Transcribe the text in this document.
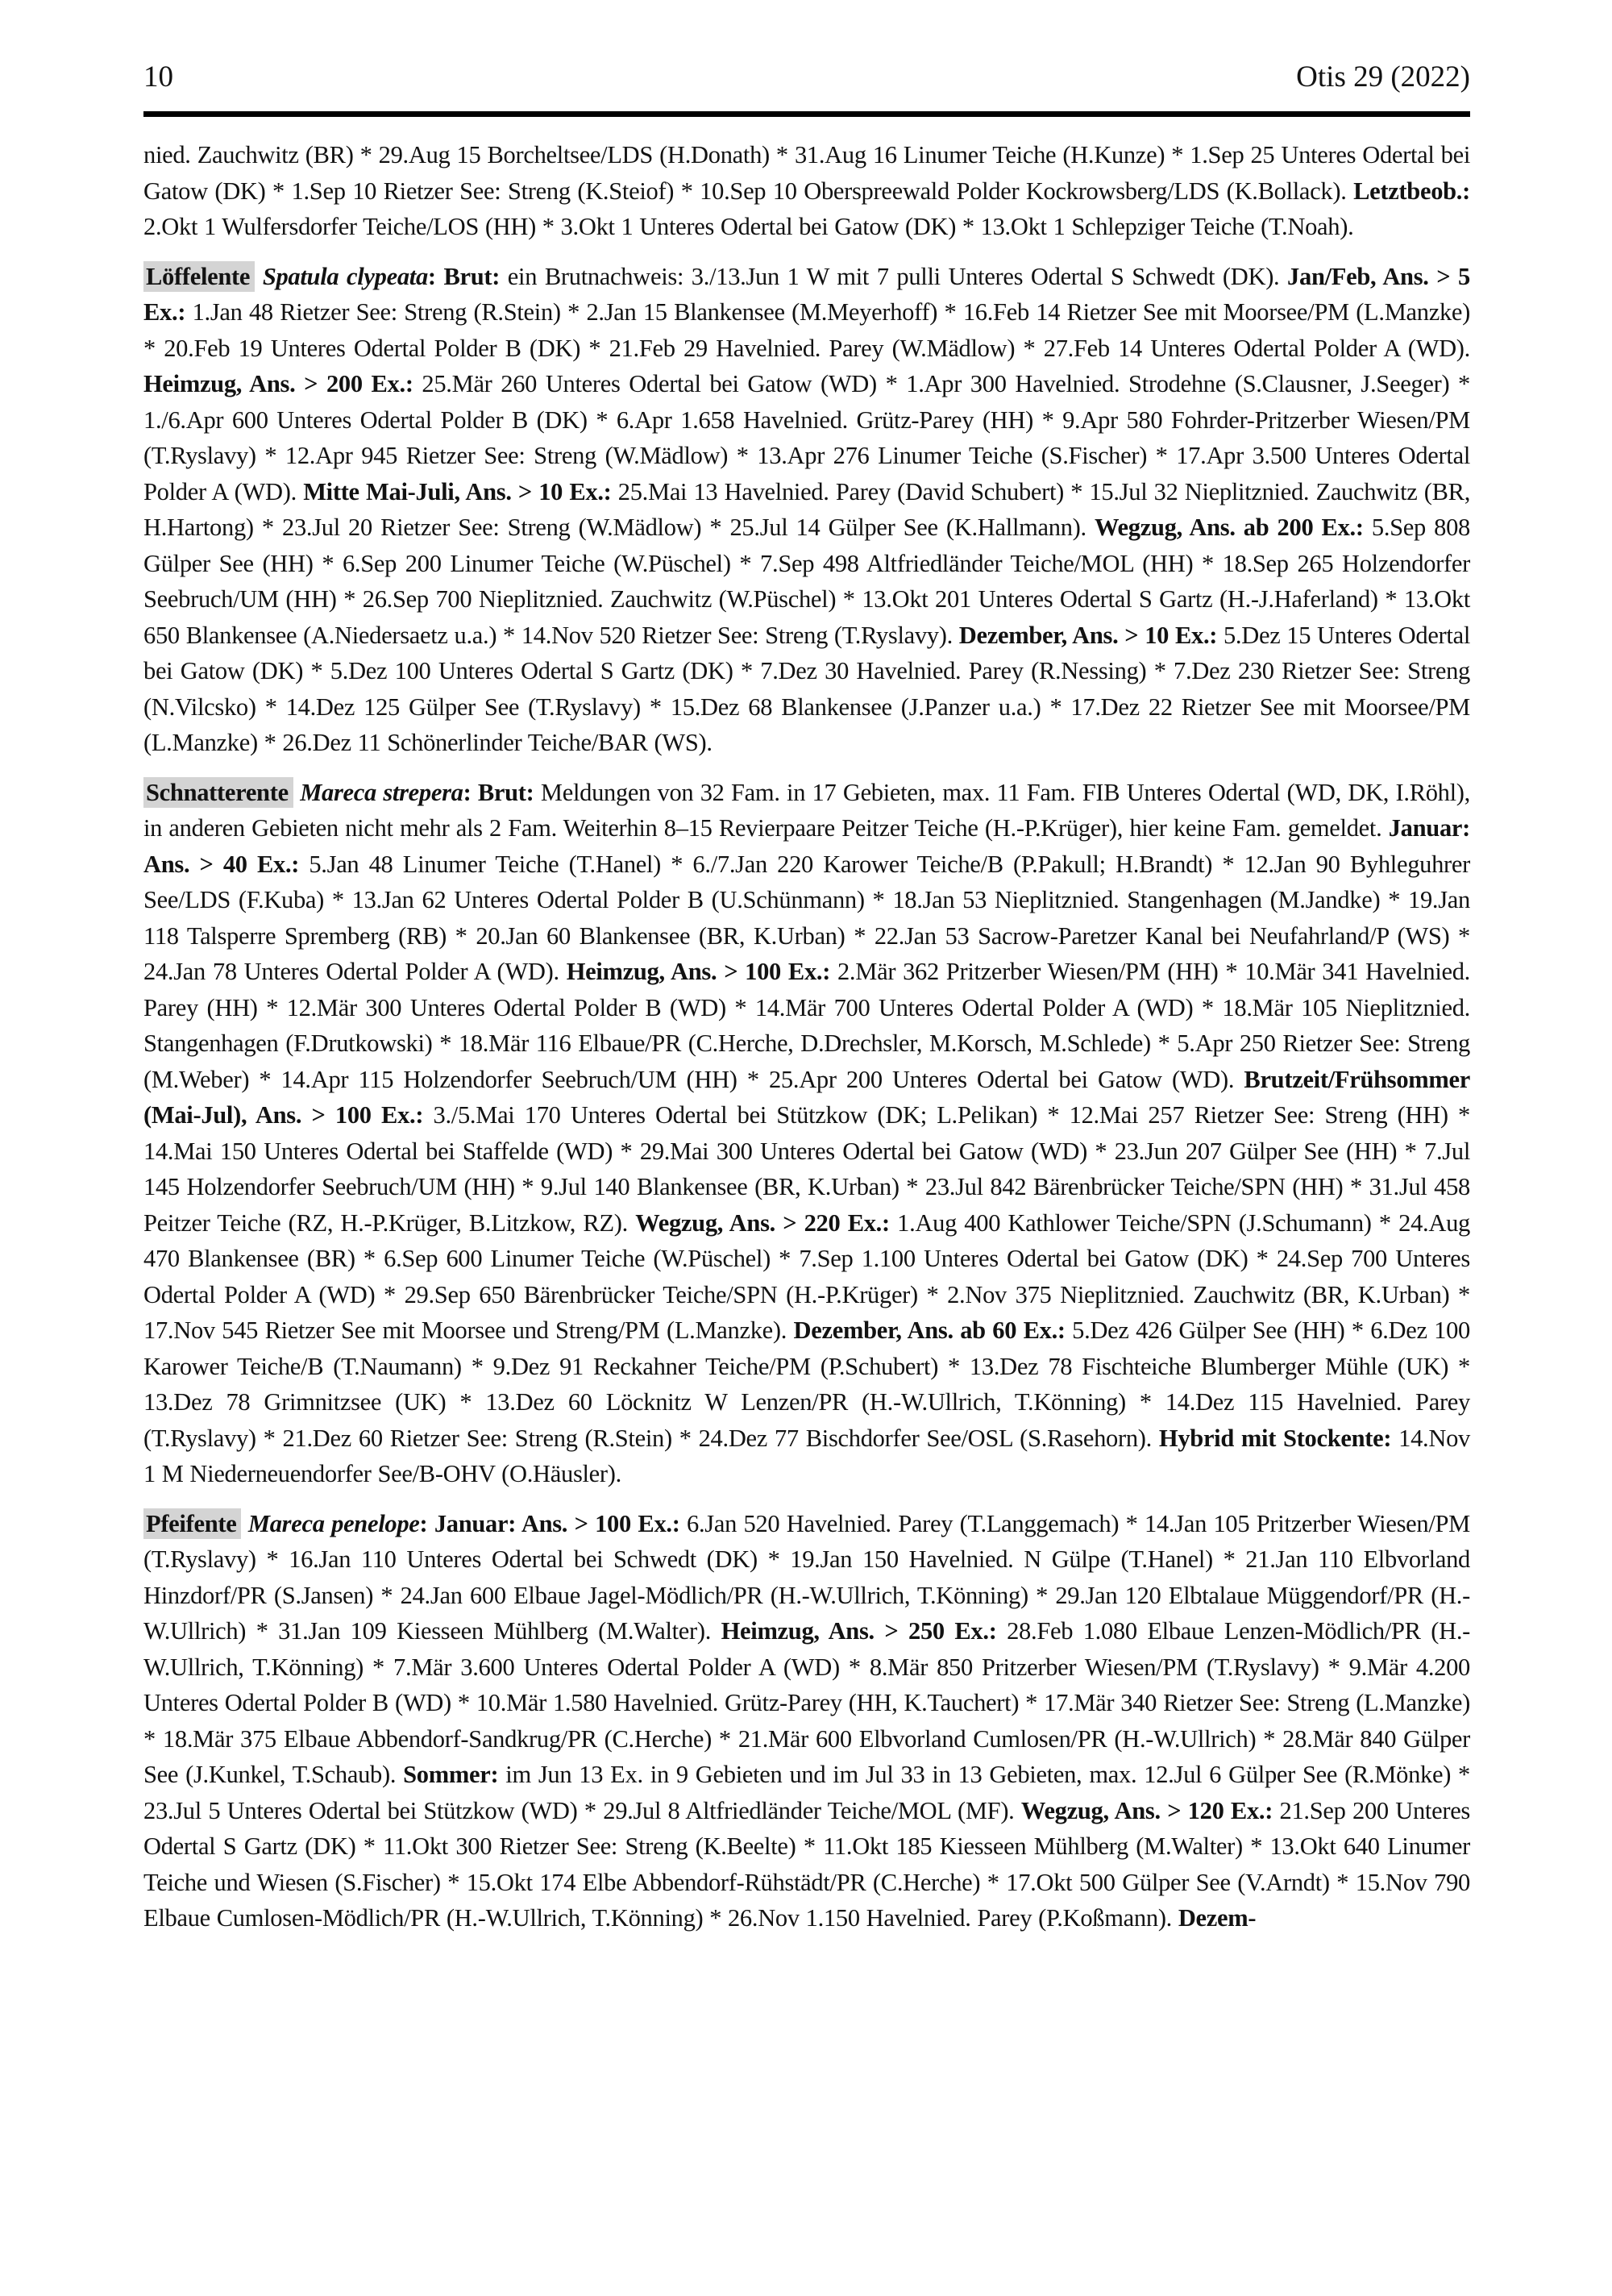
10	Otis 29 (2022)

nied. Zauchwitz (BR) * 29.Aug 15 Borcheltsee/LDS (H.Donath) * 31.Aug 16 Linumer Teiche (H.Kunze) * 1.Sep 25 Unteres Odertal bei Gatow (DK) * 1.Sep 10 Rietzer See: Streng (K.Steiof) * 10.Sep 10 Oberspreewald Polder Kockrowsberg/LDS (K.Bollack). Letztbeob.: 2.Okt 1 Wulfersdorfer Teiche/LOS (HH) * 3.Okt 1 Unteres Odertal bei Gatow (DK) * 13.Okt 1 Schlepziger Teiche (T.Noah).

Löffelente Spatula clypeata: Brut: ein Brutnachweis: 3./13.Jun 1 W mit 7 pulli Unteres Odertal S Schwedt (DK). Jan/Feb, Ans. > 5 Ex.: 1.Jan 48 Rietzer See: Streng (R.Stein) * 2.Jan 15 Blankensee (M.Meyerhoff) * 16.Feb 14 Rietzer See mit Moorsee/PM (L.Manzke) * 20.Feb 19 Unteres Odertal Polder B (DK) * 21.Feb 29 Havelnied. Parey (W.Mädlow) * 27.Feb 14 Unteres Odertal Polder A (WD). Heimzug, Ans. > 200 Ex.: 25.Mär 260 Unteres Odertal bei Gatow (WD) * 1.Apr 300 Havelnied. Strodehne (S.Clausner, J.Seeger) * 1./6.Apr 600 Unteres Odertal Polder B (DK) * 6.Apr 1.658 Havelnied. Grütz-Parey (HH) * 9.Apr 580 Fohrder-Pritzerber Wiesen/PM (T.Ryslavy) * 12.Apr 945 Rietzer See: Streng (W.Mädlow) * 13.Apr 276 Linumer Teiche (S.Fischer) * 17.Apr 3.500 Unteres Odertal Polder A (WD). Mitte Mai-Juli, Ans. > 10 Ex.: 25.Mai 13 Havelnied. Parey (David Schubert) * 15.Jul 32 Nieplitznied. Zauchwitz (BR, H.Hartong) * 23.Jul 20 Rietzer See: Streng (W.Mädlow) * 25.Jul 14 Gülper See (K.Hallmann). Wegzug, Ans. ab 200 Ex.: 5.Sep 808 Gülper See (HH) * 6.Sep 200 Linumer Teiche (W.Püschel) * 7.Sep 498 Altfriedländer Teiche/MOL (HH) * 18.Sep 265 Holzendorfer Seebruch/UM (HH) * 26.Sep 700 Nieplitznied. Zauchwitz (W.Püschel) * 13.Okt 201 Unteres Odertal S Gartz (H.-J.Haferland) * 13.Okt 650 Blankensee (A.Niedersaetz u.a.) * 14.Nov 520 Rietzer See: Streng (T.Ryslavy). Dezember, Ans. > 10 Ex.: 5.Dez 15 Unteres Odertal bei Gatow (DK) * 5.Dez 100 Unteres Odertal S Gartz (DK) * 7.Dez 30 Havelnied. Parey (R.Nessing) * 7.Dez 230 Rietzer See: Streng (N.Vilcsko) * 14.Dez 125 Gülper See (T.Ryslavy) * 15.Dez 68 Blankensee (J.Panzer u.a.) * 17.Dez 22 Rietzer See mit Moorsee/PM (L.Manzke) * 26.Dez 11 Schönerlinder Teiche/BAR (WS).

Schnatterente Mareca strepera: Brut: Meldungen von 32 Fam. in 17 Gebieten, max. 11 Fam. FIB Unteres Odertal (WD, DK, I.Röhl), in anderen Gebieten nicht mehr als 2 Fam. Weiterhin 8–15 Revierpaare Peitzer Teiche (H.-P.Krüger), hier keine Fam. gemeldet. Januar: Ans. > 40 Ex.: 5.Jan 48 Linumer Teiche (T.Hanel) * 6./7.Jan 220 Karower Teiche/B (P.Pakull; H.Brandt) * 12.Jan 90 Byhleguhrer See/LDS (F.Kuba) * 13.Jan 62 Unteres Odertal Polder B (U.Schünmann) * 18.Jan 53 Nieplitznied. Stangenhagen (M.Jandke) * 19.Jan 118 Talsperre Spremberg (RB) * 20.Jan 60 Blankensee (BR, K.Urban) * 22.Jan 53 Sacrow-Paretzer Kanal bei Neufahrland/P (WS) * 24.Jan 78 Unteres Odertal Polder A (WD). Heimzug, Ans. > 100 Ex.: 2.Mär 362 Pritzerber Wiesen/PM (HH) * 10.Mär 341 Havelnied. Parey (HH) * 12.Mär 300 Unteres Odertal Polder B (WD) * 14.Mär 700 Unteres Odertal Polder A (WD) * 18.Mär 105 Nieplitznied. Stangenhagen (F.Drutkowski) * 18.Mär 116 Elbaue/PR (C.Herche, D.Drechsler, M.Korsch, M.Schlede) * 5.Apr 250 Rietzer See: Streng (M.Weber) * 14.Apr 115 Holzendorfer Seebruch/UM (HH) * 25.Apr 200 Unteres Odertal bei Gatow (WD). Brutzeit/Frühsommer (Mai-Jul), Ans. > 100 Ex.: 3./5.Mai 170 Unteres Odertal bei Stützkow (DK; L.Pelikan) * 12.Mai 257 Rietzer See: Streng (HH) * 14.Mai 150 Unteres Odertal bei Staffelde (WD) * 29.Mai 300 Unteres Odertal bei Gatow (WD) * 23.Jun 207 Gülper See (HH) * 7.Jul 145 Holzendorfer Seebruch/UM (HH) * 9.Jul 140 Blankensee (BR, K.Urban) * 23.Jul 842 Bärenbrücker Teiche/SPN (HH) * 31.Jul 458 Peitzer Teiche (RZ, H.-P.Krüger, B.Litzkow, RZ). Wegzug, Ans. > 220 Ex.: 1.Aug 400 Kathlower Teiche/SPN (J.Schumann) * 24.Aug 470 Blankensee (BR) * 6.Sep 600 Linumer Teiche (W.Püschel) * 7.Sep 1.100 Unteres Odertal bei Gatow (DK) * 24.Sep 700 Unteres Odertal Polder A (WD) * 29.Sep 650 Bärenbrücker Teiche/SPN (H.-P.Krüger) * 2.Nov 375 Nieplitznied. Zauchwitz (BR, K.Urban) * 17.Nov 545 Rietzer See mit Moorsee und Streng/PM (L.Manzke). Dezember, Ans. ab 60 Ex.: 5.Dez 426 Gülper See (HH) * 6.Dez 100 Karower Teiche/B (T.Naumann) * 9.Dez 91 Reckahner Teiche/PM (P.Schubert) * 13.Dez 78 Fischteiche Blumberger Mühle (UK) * 13.Dez 78 Grimnitzsee (UK) * 13.Dez 60 Löcknitz W Lenzen/PR (H.-W.Ullrich, T.Könning) * 14.Dez 115 Havelnied. Parey (T.Ryslavy) * 21.Dez 60 Rietzer See: Streng (R.Stein) * 24.Dez 77 Bischdorfer See/OSL (S.Rasehorn). Hybrid mit Stockente: 14.Nov 1 M Niederneuendorfer See/B-OHV (O.Häusler).

Pfeifente Mareca penelope: Januar: Ans. > 100 Ex.: 6.Jan 520 Havelnied. Parey (T.Langgemach) * 14.Jan 105 Pritzerber Wiesen/PM (T.Ryslavy) * 16.Jan 110 Unteres Odertal bei Schwedt (DK) * 19.Jan 150 Havelnied. N Gülpe (T.Hanel) * 21.Jan 110 Elbvorland Hinzdorf/PR (S.Jansen) * 24.Jan 600 Elbaue Jagel-Mödlich/PR (H.-W.Ullrich, T.Könning) * 29.Jan 120 Elbtalaue Müggendorf/PR (H.-W.Ullrich) * 31.Jan 109 Kiesseen Mühlberg (M.Walter). Heimzug, Ans. > 250 Ex.: 28.Feb 1.080 Elbaue Lenzen-Mödlich/PR (H.-W.Ullrich, T.Könning) * 7.Mär 3.600 Unteres Odertal Polder A (WD) * 8.Mär 850 Pritzerber Wiesen/PM (T.Ryslavy) * 9.Mär 4.200 Unteres Odertal Polder B (WD) * 10.Mär 1.580 Havelnied. Grütz-Parey (HH, K.Tauchert) * 17.Mär 340 Rietzer See: Streng (L.Manzke) * 18.Mär 375 Elbaue Abbendorf-Sandkrug/PR (C.Herche) * 21.Mär 600 Elbvorland Cumlosen/PR (H.-W.Ullrich) * 28.Mär 840 Gülper See (J.Kunkel, T.Schaub). Sommer: im Jun 13 Ex. in 9 Gebieten und im Jul 33 in 13 Gebieten, max. 12.Jul 6 Gülper See (R.Mönke) * 23.Jul 5 Unteres Odertal bei Stützkow (WD) * 29.Jul 8 Altfriedländer Teiche/MOL (MF). Wegzug, Ans. > 120 Ex.: 21.Sep 200 Unteres Odertal S Gartz (DK) * 11.Okt 300 Rietzer See: Streng (K.Beelte) * 11.Okt 185 Kiesseen Mühlberg (M.Walter) * 13.Okt 640 Linumer Teiche und Wiesen (S.Fischer) * 15.Okt 174 Elbe Abbendorf-Rühstädt/PR (C.Herche) * 17.Okt 500 Gülper See (V.Arndt) * 15.Nov 790 Elbaue Cumlosen-Mödlich/PR (H.-W.Ullrich, T.Könning) * 26.Nov 1.150 Havelnied. Parey (P.Koßmann). Dezem-
